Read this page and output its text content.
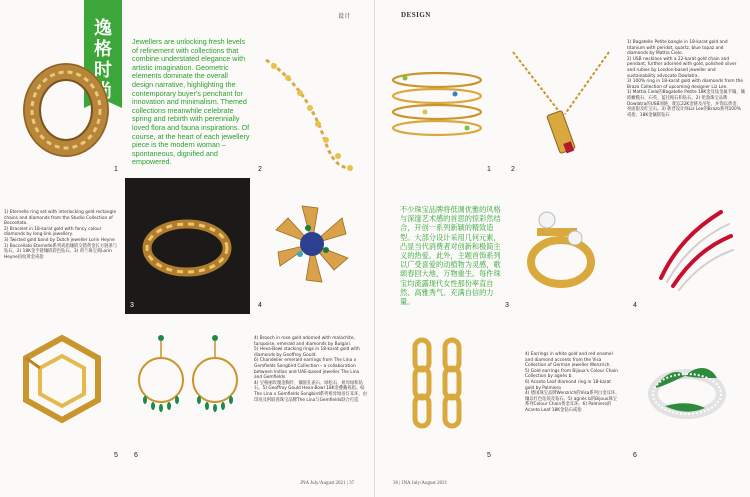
设计
逸
格
时
尚
1
Jewellers are unlocking fresh levels of refinement with collections that combine understated elegance with artistic imagination. Geometric elements dominate the overall design narrative, highlighting the contemporary buyer's penchant for innovation and minimalism. Themed collections meanwhile celebrate spring and rebirth with perennially loved flora and fauna inspirations. Of course, at the heart of each jewellery piece is the modern woman – spontaneous, dignified and empowered.
2

1) Eternelle ring set with interlocking gold rectangle chains and diamonds from the Studio Collection of Boccellato.

2) Bracelet in 18-karat gold with fancy colour diamonds by long-link jewellery.

3) Twisted gold band by Dutch jeweller Lorin Heyne

1) Boccellato Eternelle系列戒指镶嵌交错黄金长方链条与钻石。2) 18K金手链镶嵌彩色钻石。3) 荷兰珠宝商Lorin Heyne扭纹黄金戒指

3	4
5 6

4) Brooch in rose gold adorned with malachite, turquoise, emerald and diamonds by Bulgari.

5) Hexa-Bowl stacking rings in 18-karat gold with diamonds by Geoffroy Gould.

6) Chandelier emerald earrings from The Lina x Gemfields Songbird Collection – a collaboration between Indian and UAE-based jeweller The Lina and Gemfields

4) 宝格丽玫瑰金胸针，镶嵌孔雀石、绿松石、祖母绿和钻石。5) Geoffroy Gould Hexa-Bowl 18K金叠戴戒指。6) The Lina x Gemfields Songbird系列祖母绿吊灯耳环，由印度及阿联酋珠宝品牌The Lina与Gemfields联合打造

JNA July/August 2021 | 37
DESIGN
1	2

1) Bagatelle Petite bangle in 18-karat gold and titanium with peridot, quartz, blue topaz and diamonds by Mattia Cielo.

2) USB necklace with a 22-karat gold chain and pendant, further adorned with gold, polished silver and rubies by London-based jeweller and sustainability advocate Dowlatra.

3) 100% ring in 18-karat gold with diamonds from the Brazo Collection of upcoming designer Liz Lee.

1) Mattia Cielo的Bagatelle Petite 18K金及钛金属手镯，镶嵌橄榄石、石英、蓝托帕石和钻石。2) 伦敦珠宝品牌Dowlatra的USB项链，配以22K金链及吊坠，并饰以黄金、亮面银及红宝石。3) 新晋设计师Liz Lee的Brazo系列100%戒指，18K金镶嵌钻石

不少珠宝品牌将低调优雅的风格与深邃艺术感的首思的惊彩然结合，开创一系列新颖的精致造型。大部分设计采用几何元素，凸显当代消费者对创新和极简主义的热爱。此外，主题首饰系列以广受喜爱的动植物为灵感，歌颂春回大地，万物重生。每件珠宝均流露现代女性那份率直自然、高雅秀气、充满自信的力量。	3	4
5

4) Earrings in white gold and red enamel and diamond accents from the Visa Collection of German jeweller Wenzrich.

5) Gold earrings from Bijoux's Colour Chain Collection by agnès b.

6) Acanto Leaf diamond ring in 18-karat gold by Palmiero

4) 德国珠宝品牌Wenzrich的Visa系列白金耳环，镶以红色珐琅及钻石。5) agnès b的Bijoux珠宝系列Colour Chain黄金耳环。6) Palmiero的Acanto Leaf 18K金钻石戒指

6
36 | JNA July/August 2021
